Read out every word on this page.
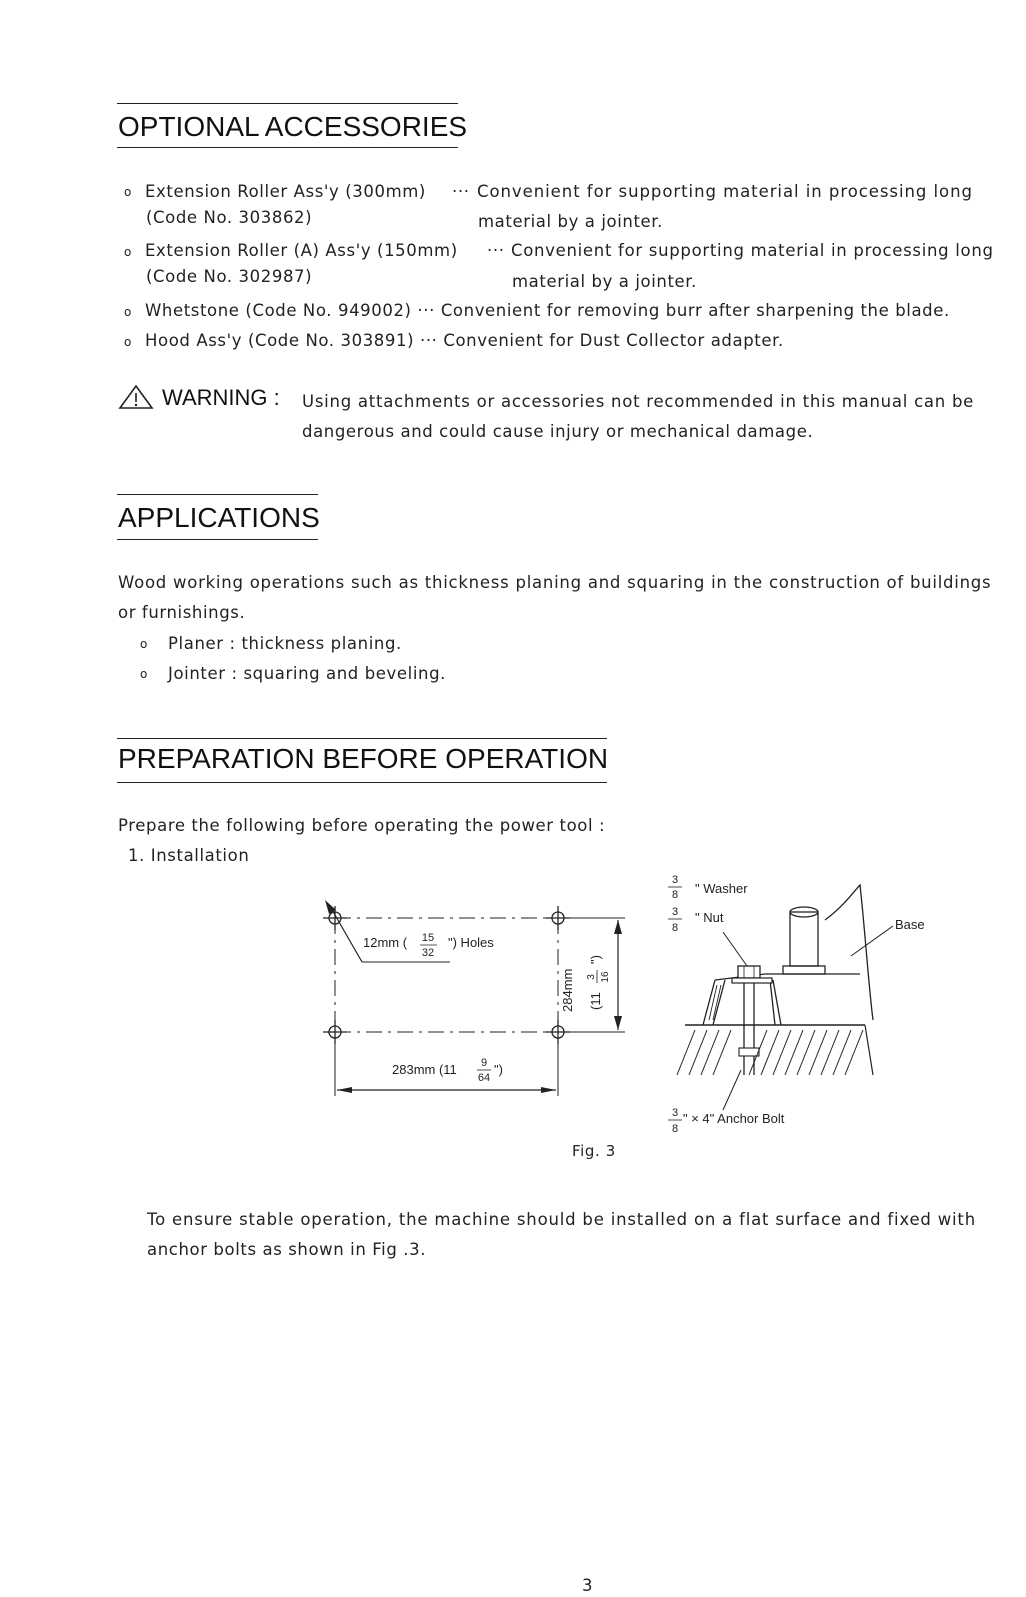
OPTIONAL ACCESSORIES
o Extension Roller Ass'y (300mm) ··· Convenient for supporting material in processing long
(Code No. 303862)	material by a jointer.
o Extension Roller (A) Ass'y (150mm) ··· Convenient for supporting material in processing long
(Code No. 302987)	material by a jointer.
o Whetstone (Code No. 949002) ··· Convenient for removing burr after sharpening the blade.
o Hood Ass'y (Code No. 303891) ··· Convenient for Dust Collector adapter.
WARNING : Using attachments or accessories not recommended in this manual can be
dangerous and could cause injury or mechanical damage.
APPLICATIONS
Wood working operations such as thickness planing and squaring in the construction of buildings
or furnishings.
o Planer : thickness planing.
o Jointer : squaring and beveling.
PREPARATION BEFORE OPERATION
Prepare the following before operating the power tool :
1. Installation
12mm ( 15
32
") Holes
283mm (11 9
64
")
284mm (11
3 16
")
3
8 " Washer
3
8
" Nut	Base
3
8
" × 4" Anchor Bolt
Fig. 3
To ensure stable operation, the machine should be installed on a flat surface and fixed with
anchor bolts as shown in Fig .3.
3
